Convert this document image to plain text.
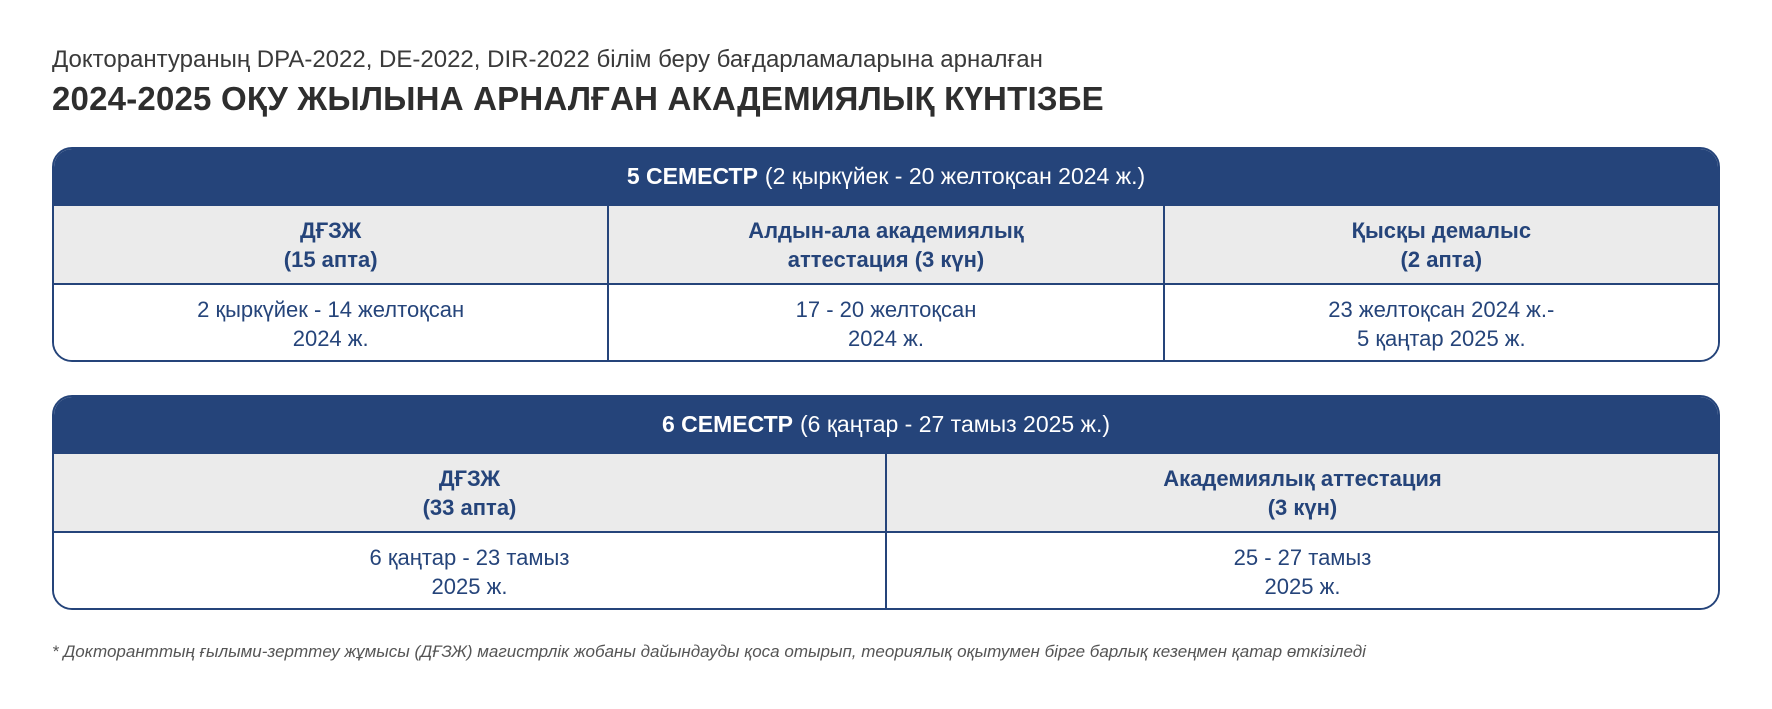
Докторантураның DPA-2022, DE-2022, DIR-2022 білім беру бағдарламаларына арналған
2024-2025 ОҚУ ЖЫЛЫНА АРНАЛҒАН АКАДЕМИЯЛЫҚ КҮНТІЗБЕ
5 СЕМЕСТР (2 қыркүйек - 20 желтоқсан 2024 ж.)
ДҒЗЖ
(15 апта)
Алдын-ала академиялық
аттестация (3 күн)
Қысқы демалыс
(2 апта)
2 қыркүйек - 14 желтоқсан
2024 ж.
17 - 20 желтоқсан
2024 ж.
23 желтоқсан 2024 ж.-
5 қаңтар 2025 ж.
6 СЕМЕСТР (6 қаңтар - 27 тамыз 2025 ж.)
ДҒЗЖ
(33 апта)
Академиялық аттестация
(3 күн)
6 қаңтар - 23 тамыз
2025 ж.
25 - 27 тамыз
2025 ж.
* Докторанттың ғылыми-зерттеу жұмысы (ДҒЗЖ) магистрлік жобаны дайындауды қоса отырып, теориялық оқытумен бірге барлық кезеңмен қатар өткізіледі
